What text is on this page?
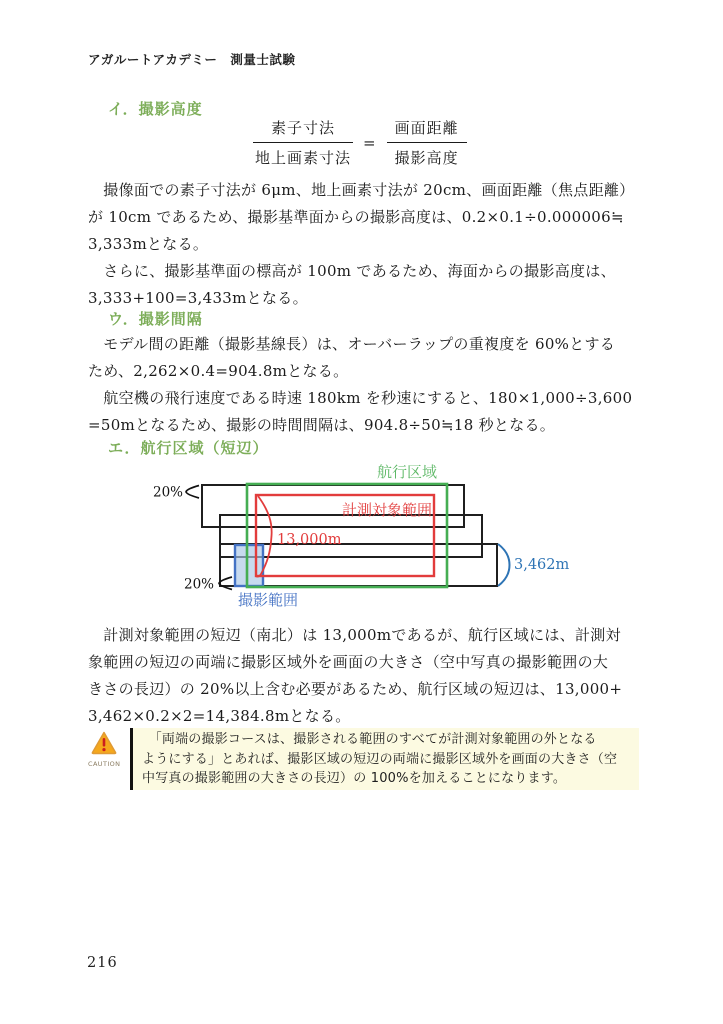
アガルートアカデミー　測量士試験
イ．撮影高度
$\frac{\text{素子寸法}}{\text{地上画素寸法}} = \frac{\text{画面距離}}{\text{撮影高度}}$
　撮像面での素子寸法が 6μm、地上画素寸法が 20cm、画面距離（焦点距離）
が 10cm であるため、撮影基準面からの撮影高度は、0.2×0.1÷0.000006≒
3,333mとなる。
　さらに、撮影基準面の標高が 100m であるため、海面からの撮影高度は、
3,333+100=3,433mとなる。
ウ．撮影間隔
　モデル間の距離（撮影基線長）は、オーバーラップの重複度を 60%とする
ため、2,262×0.4=904.8mとなる。
　航空機の飛行速度である時速 180km を秒速にすると、180×1,000÷3,600
=50mとなるため、撮影の時間間隔は、904.8÷50≒18 秒となる。
エ．航行区域（短辺）
航行区域
計測対象範囲
13,000m
3,462m
撮影範囲
20%
20%
　計測対象範囲の短辺（南北）は 13,000mであるが、航行区域には、計測対
象範囲の短辺の両端に撮影区域外を画面の大きさ（空中写真の撮影範囲の大
きさの長辺）の 20%以上含む必要があるため、航行区域の短辺は、13,000+
3,462×0.2×2=14,384.8mとなる。
CAUTION
　「両端の撮影コースは、撮影される範囲のすべてが計測対象範囲の外となる
ようにする」とあれば、撮影区域の短辺の両端に撮影区域外を画面の大きさ（空
中写真の撮影範囲の大きさの長辺）の 100%を加えることになります。
216
